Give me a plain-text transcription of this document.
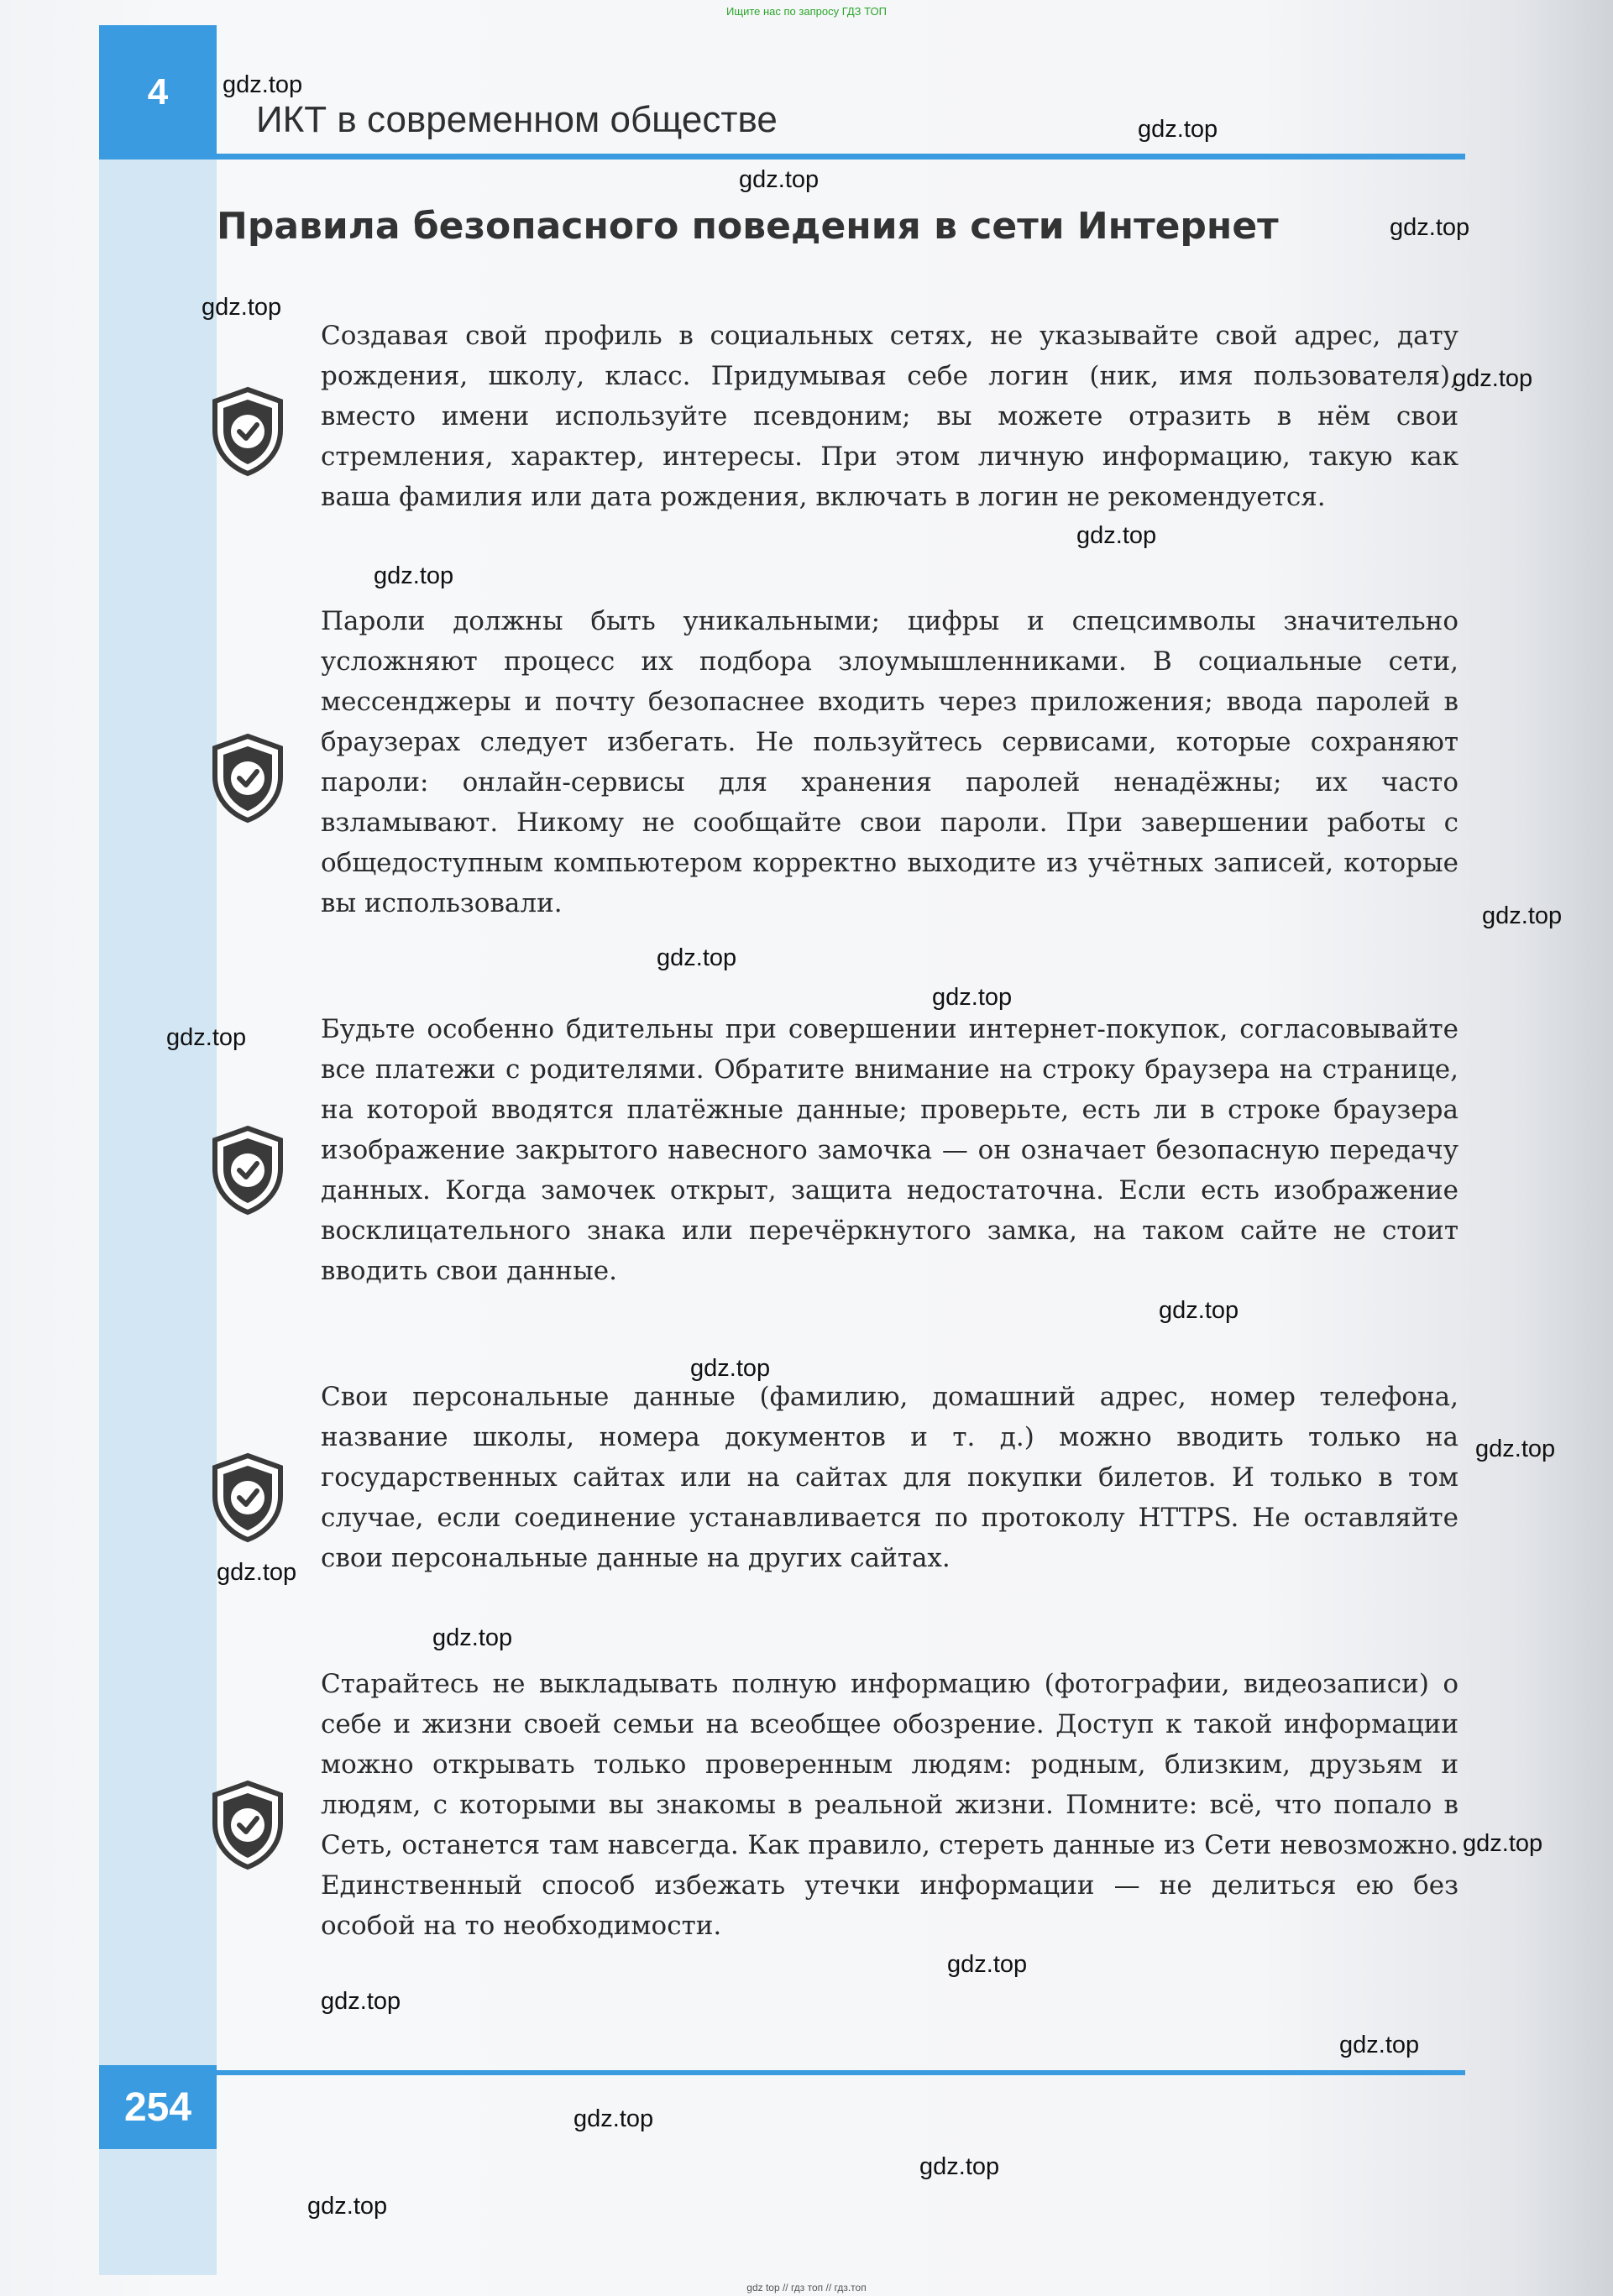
Ищите нас по запросу ГДЗ ТОП
4
ИКТ в современном обществе
Правила безопасного поведения в сети Интернет

Создавая свой профиль в социальных сетях, не указывайте свой адрес, дату рождения, школу, класс. Придумывая себе логин (ник, имя пользователя), вместо имени используйте псевдоним; вы можете отразить в нём свои стремления, характер, интересы. При этом личную информацию, такую как ваша фамилия или дата рождения, включать в логин не рекомендуется.

Пароли должны быть уникальными; цифры и спецсимволы значительно усложняют процесс их подбора злоумышленниками. В социальные сети, мессенджеры и почту безопаснее входить через приложения; ввода паролей в браузерах следует избегать. Не пользуйтесь сервисами, которые сохраняют пароли: онлайн-сервисы для хранения паролей ненадёжны; их часто взламывают. Никому не сообщайте свои пароли. При завершении работы с общедоступным компьютером корректно выходите из учётных записей, которые вы использовали.

Будьте особенно бдительны при совершении интернет-покупок, согласовывайте все платежи с родителями. Обратите внимание на строку браузера на странице, на которой вводятся платёжные данные; проверьте, есть ли в строке браузера изображение закрытого навесного замочка — он означает безопасную передачу данных. Когда замочек открыт, защита недостаточна. Если есть изображение восклицательного знака или перечёркнутого замка, на таком сайте не стоит вводить свои данные.

Свои персональные данные (фамилию, домашний адрес, номер телефона, название школы, номера документов и т. д.) можно вводить только на государственных сайтах или на сайтах для покупки билетов. И только в том случае, если соединение устанавливается по протоколу HTTPS. Не оставляйте свои персональные данные на других сайтах.

Старайтесь не выкладывать полную информацию (фотографии, видеозаписи) о себе и жизни своей семьи на всеобщее обозрение. Доступ к такой информации можно открывать только проверенным людям: родным, близким, друзьям и людям, с которыми вы знакомы в реальной жизни. Помните: всё, что попало в Сеть, останется там навсегда. Как правило, стереть данные из Сети невозможно. Единственный способ избежать утечки информации — не делиться ею без особой на то необходимости.

254
gdz.top
gdz.top
gdz.top
gdz.top
gdz.top
gdz.top
gdz.top
gdz.top
gdz.top
gdz.top
gdz.top
gdz.top
gdz.top
gdz.top
gdz.top
gdz.top
gdz.top
gdz.top
gdz.top
gdz.top
gdz.top
gdz.top
gdz.top
gdz.top
gdz top // гдз топ // гдз.топ
